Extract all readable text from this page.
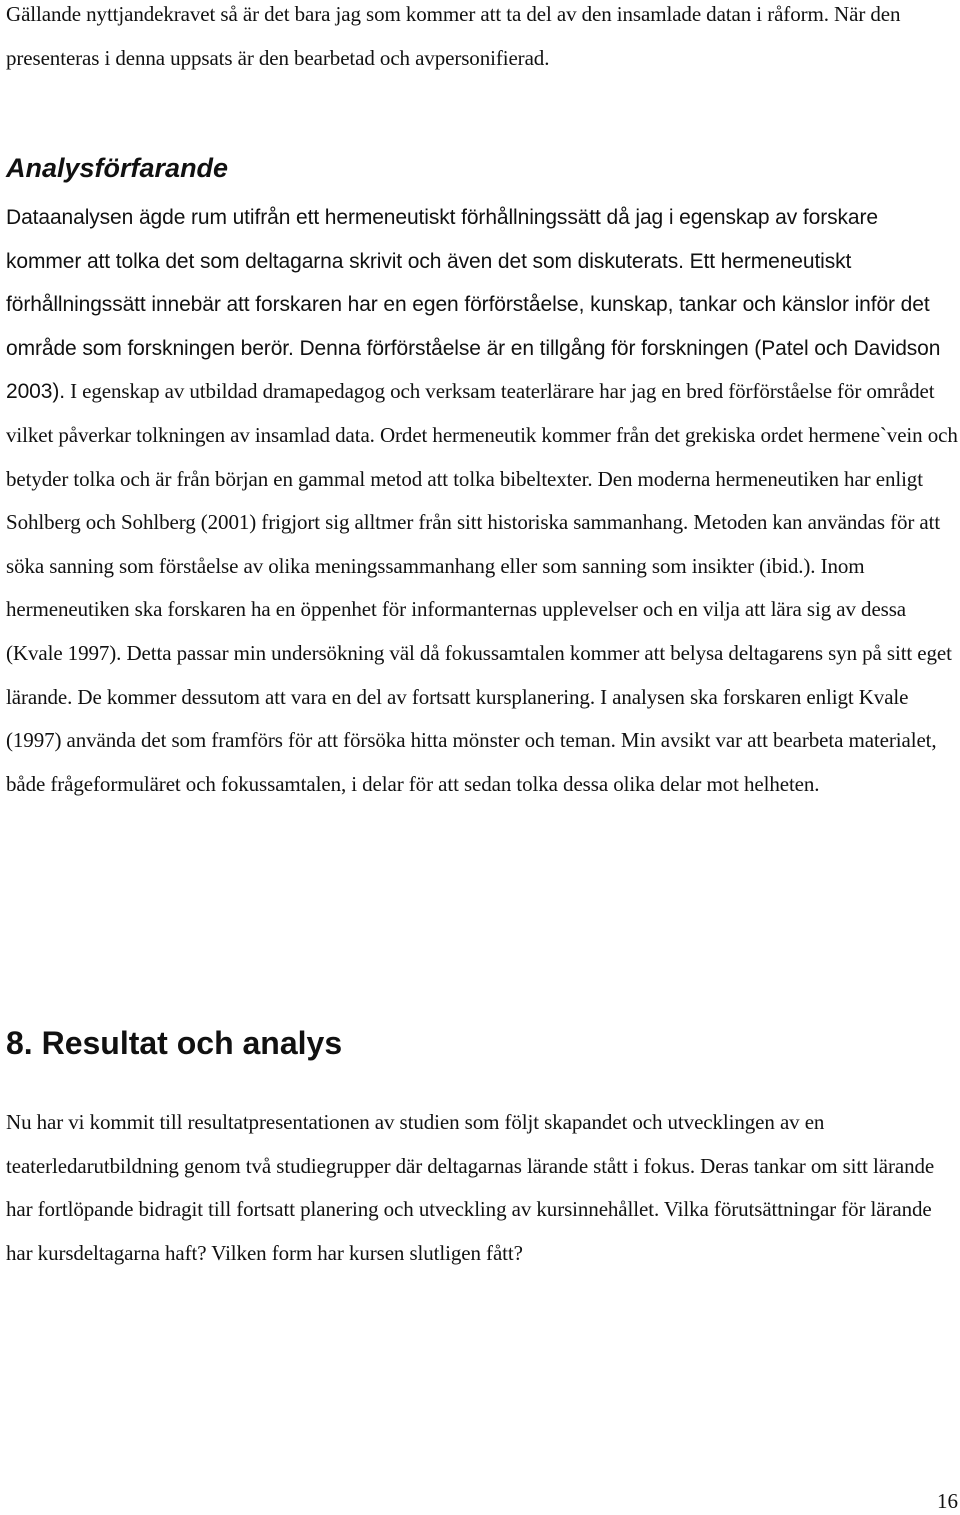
Gällande nyttjandekravet så är det bara jag som kommer att ta del av den insamlade datan i råform. När den presenteras i denna uppsats är den bearbetad och avpersonifierad.

Analysförfarande

Dataanalysen ägde rum utifrån ett hermeneutiskt förhållningssätt då jag i egenskap av forskare kommer att tolka det som deltagarna skrivit och även det som diskuterats. Ett hermeneutiskt förhållningssätt innebär att forskaren har en egen förförståelse, kunskap, tankar och känslor inför det område som forskningen berör. Denna förförståelse är en tillgång för forskningen (Patel och Davidson 2003). I egenskap av utbildad dramapedagog och verksam teaterlärare har jag en bred förförståelse för området vilket påverkar tolkningen av insamlad data. Ordet hermeneutik kommer från det grekiska ordet hermene`vein och betyder tolka och är från början en gammal metod att tolka bibeltexter. Den moderna hermeneutiken har enligt Sohlberg och Sohlberg (2001) frigjort sig alltmer från sitt historiska sammanhang. Metoden kan användas för att söka sanning som förståelse av olika meningssammanhang eller som sanning som insikter (ibid.). Inom hermeneutiken ska forskaren ha en öppenhet för informanternas upplevelser och en vilja att lära sig av dessa (Kvale 1997). Detta passar min undersökning väl då fokussamtalen kommer att belysa deltagarens syn på sitt eget lärande. De kommer dessutom att vara en del av fortsatt kursplanering. I analysen ska forskaren enligt Kvale (1997) använda det som framförs för att försöka hitta mönster och teman. Min avsikt var att bearbeta materialet, både frågeformuläret och fokussamtalen, i delar för att sedan tolka dessa olika delar mot helheten.

8. Resultat och analys

Nu har vi kommit till resultatpresentationen av studien som följt skapandet och utvecklingen av en teaterledarutbildning genom två studiegrupper där deltagarnas lärande stått i fokus. Deras tankar om sitt lärande har fortlöpande bidragit till fortsatt planering och utveckling av kursinnehållet. Vilka förutsättningar för lärande har kursdeltagarna haft? Vilken form har kursen slutligen fått?

16
